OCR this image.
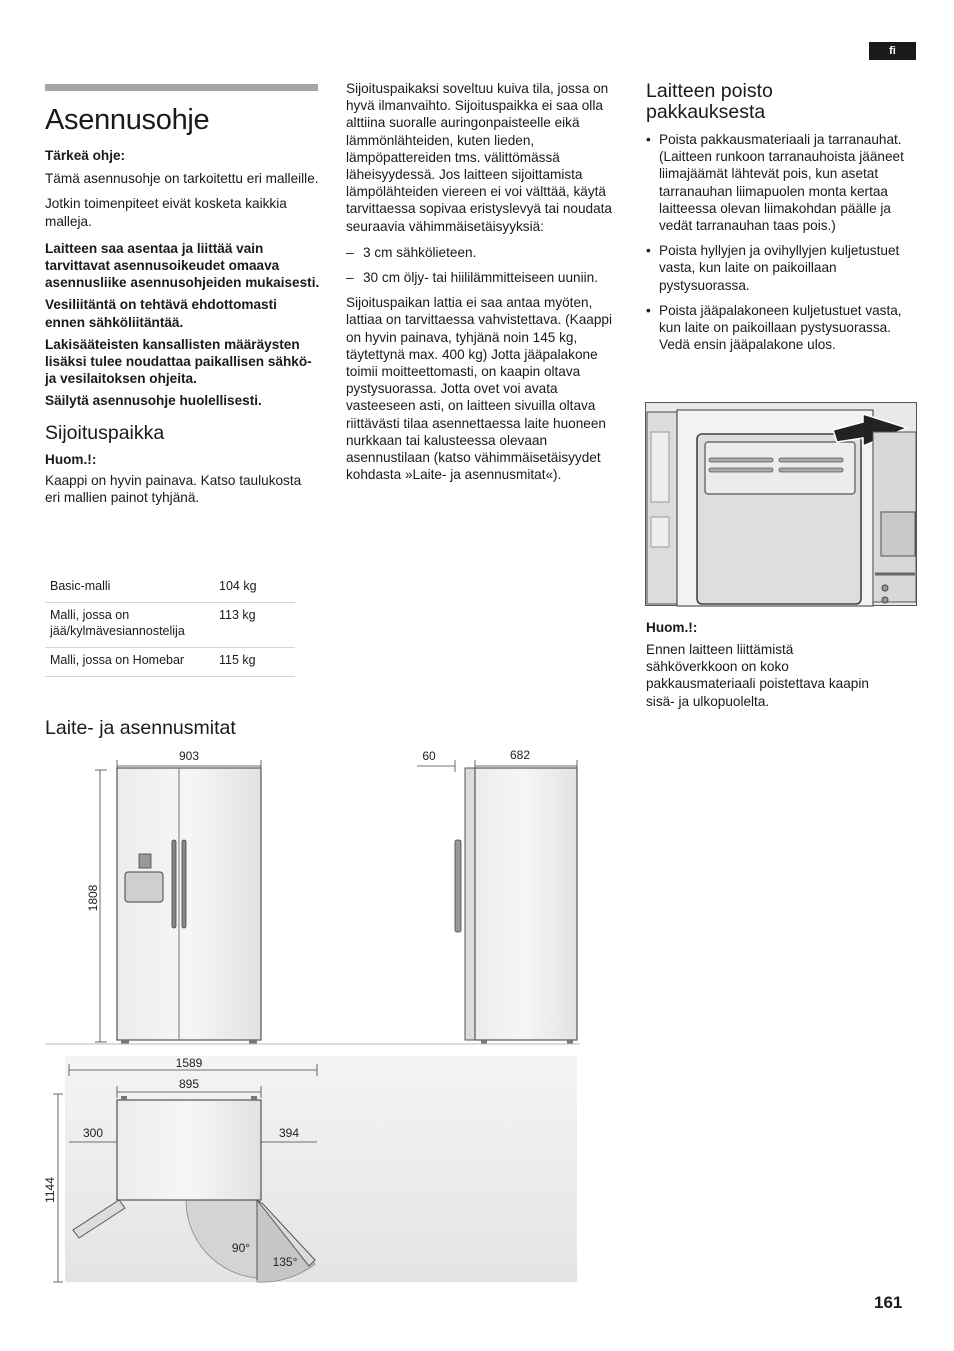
fi
Asennusohje

Tärkeä ohje:

Tämä asennusohje on tarkoitettu eri malleille.

Jotkin toimenpiteet eivät kosketa kaikkia malleja.

Laitteen saa asentaa ja liittää vain tarvittavat asennusoikeudet omaava asennusliike asennusohjeiden mukaisesti.

Vesiliitäntä on tehtävä ehdottomasti ennen sähköliitäntää.

Lakisääteisten kansallisten määräysten lisäksi tulee noudattaa paikallisen sähkö- ja vesilaitoksen ohjeita.

Säilytä asennusohje huolellisesti.

Sijoituspaikka

Huom.!:

Kaappi on hyvin painava. Katso taulukosta eri mallien painot tyhjänä.

Basic-malli	104 kg
Malli, jossa on jää/kylmävesiannostelija	113 kg
Malli, jossa on Homebar	115 kg

Sijoituspaikaksi soveltuu kuiva tila, jossa on hyvä ilmanvaihto. Sijoituspaikka ei saa olla alttiina suoralle auringonpaisteelle eikä lämmönlähteiden, kuten lieden, lämpöpattereiden tms. välittömässä läheisyydessä. Jos laitteen sijoittamista lämpölähteiden viereen ei voi välttää, käytä tarvittaessa sopivaa eristyslevyä tai noudata seuraavia vähimmäisetäisyyksiä:

– 3 cm sähkölieteen.

– 30 cm öljy- tai hiililämmitteiseen uuniin.

Sijoituspaikan lattia ei saa antaa myöten, lattiaa on tarvittaessa vahvistettava. (Kaappi on hyvin painava, tyhjänä noin 145 kg, täytettynä max. 400 kg) Jotta jääpalakone toimii moitteettomasti, on kaapin oltava pystysuorassa. Jotta ovet voi avata vasteeseen asti, on laitteen sivuilla oltava riittävästi tilaa asennettaessa laite huoneen nurkkaan tai kalusteessa olevaan asennustilaan (katso vähimmäisetäisyydet kohdasta »Laite- ja asennusmitat«).

Laitteen poisto pakkauksesta

• Poista pakkausmateriaali ja tarranauhat. (Laitteen runkoon tarranauhoista jääneet liimajäämät lähtevät pois, kun asetat tarranauhan liimapuolen monta kertaa laitteessa olevan liimakohdan päälle ja vedät tarranauhan taas pois.)

• Poista hyllyjen ja ovihyllyjen kuljetustuet vasta, kun laite on paikoillaan pystysuorassa.

• Poista jääpalakoneen kuljetustuet vasta, kun laite on paikoillaan pystysuorassa. Vedä ensin jääpalakone ulos.

Huom.!:

Ennen laitteen liittämistä sähköverkkoon on koko pakkausmateriaali poistettava kaapin sisä- ja ulkopuolelta.

Laite- ja asennusmitat
903
1808
60	682
1589
895
300	394
1144
90°
135°
161
